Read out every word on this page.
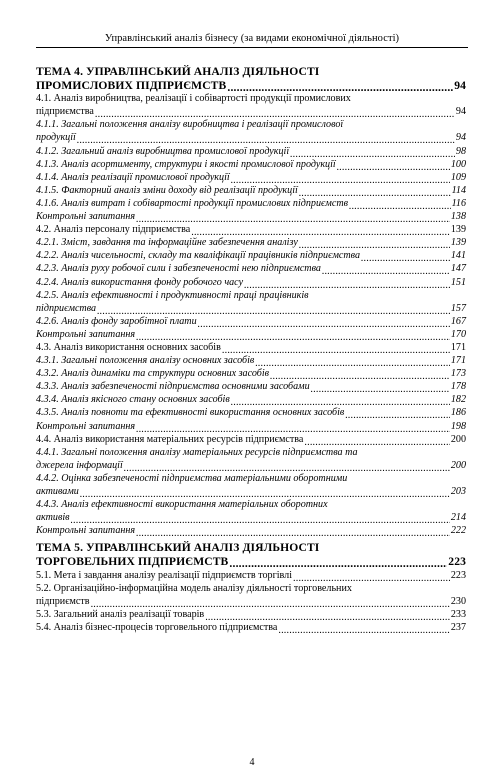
Управлінський аналіз бізнесу (за видами економічної діяльності)
ТЕМА 4. УПРАВЛІНСЬКИЙ АНАЛІЗ ДІЯЛЬНОСТІ
ПРОМИСЛОВИХ ПІДПРИЄМСТВ .....	94
4.1. Аналіз виробництва, реалізації і собівартості продукції промислових
підприємства .....	94
4.1.1. Загальні положення аналізу виробництва і реалізації промислової
продукції .....	94
4.1.2. Загальний аналіз виробництва промислової продукції .....	98
4.1.3. Аналіз асортименту, структури і якості промислової продукції .....	100
4.1.4. Аналіз реалізації промислової продукції .....	109
4.1.5. Факторний аналіз зміни доходу від реалізації продукції .....	114
4.1.6. Аналіз витрат і собівартості продукції промислових підприємств .....	116
Контрольні запитання .....	138
4.2. Аналіз персоналу підприємства .....	139
4.2.1. Зміст, завдання та інформаційне забезпечення аналізу .....	139
4.2.2. Аналіз чисельності, складу та кваліфікації працівників підприємства .....	141
4.2.3. Аналіз руху робочої сили і забезпеченості нею підприємства .....	147
4.2.4. Аналіз використання фонду робочого часу .....	151
4.2.5. Аналіз ефективності і продуктивності праці працівників
підприємства .....	157
4.2.6. Аналіз фонду заробітної плати .....	167
Контрольні запитання .....	170
4.3. Аналіз використання основних засобів .....	171
4.3.1. Загальні положення аналізу основних засобів .....	171
4.3.2. Аналіз динаміки та структури основних засобів .....	173
4.3.3. Аналіз забезпеченості підприємства основними засобами .....	178
4.3.4. Аналіз якісного стану основних засобів .....	182
4.3.5. Аналіз повноти та ефективності використання основних засобів .....	186
Контрольні запитання .....	198
4.4. Аналіз використання матеріальних ресурсів підприємства .....	200
4.4.1. Загальні положення аналізу матеріальних ресурсів підприємства та
джерела інформації .....	200
4.4.2. Оцінка забезпеченості підприємства матеріальними оборотними
активами .....	203
4.4.3. Аналіз ефективності використання матеріальних оборотних
активів .....	214
Контрольні запитання .....	222
ТЕМА 5. УПРАВЛІНСЬКИЙ АНАЛІЗ ДІЯЛЬНОСТІ
ТОРГОВЕЛЬНИХ ПІДПРИЄМСТВ .....	223
5.1. Мета і завдання аналізу реалізації підприємств торгівлі .....	223
5.2. Організаційно-інформаційна модель аналізу діяльності торговельних
підприємств .....	230
5.3. Загальний аналіз реалізації товарів .....	233
5.4. Аналіз бізнес-процесів торговельного підприємства .....	237
4
